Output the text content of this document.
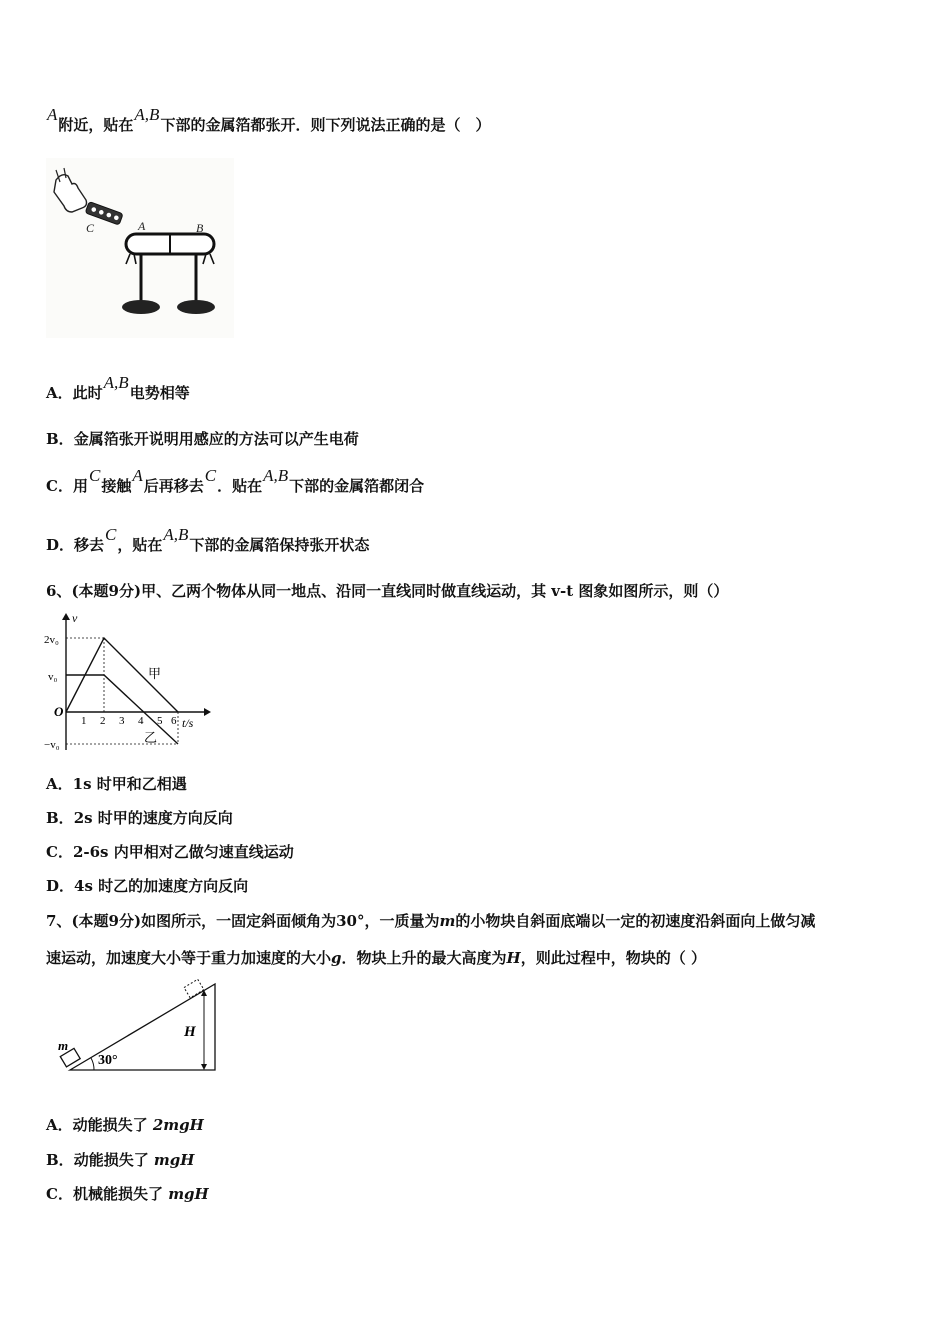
A附近，贴在A,B下部的金属箔都张开．则下列说法正确的是（　）
C	A	B
A．此时A,B电势相等
B．金属箔张开说明用感应的方法可以产生电荷
C．用C接触A后再移去C．贴在A,B下部的金属箔都闭合
D．移去C，贴在A,B下部的金属箔保持张开状态
6、(本题9分)甲、乙两个物体从同一地点、沿同一直线同时做直线运动，其 v-t 图象如图所示，则（）
v
t/s
O
2v₀
v₀
−v₀
1 2 3 4 5 6
甲
乙
A．1s 时甲和乙相遇
B．2s 时甲的速度方向反向
C．2-6s 内甲相对乙做匀速直线运动
D．4s 时乙的加速度方向反向
7、(本题9分)如图所示，一固定斜面倾角为30°，一质量为m的小物块自斜面底端以一定的初速度沿斜面向上做匀减
速运动，加速度大小等于重力加速度的大小g．物块上升的最大高度为H，则此过程中，物块的（ ）
H
30°
m
A．动能损失了 2mgH
B．动能损失了 mgH
C．机械能损失了 mgH
